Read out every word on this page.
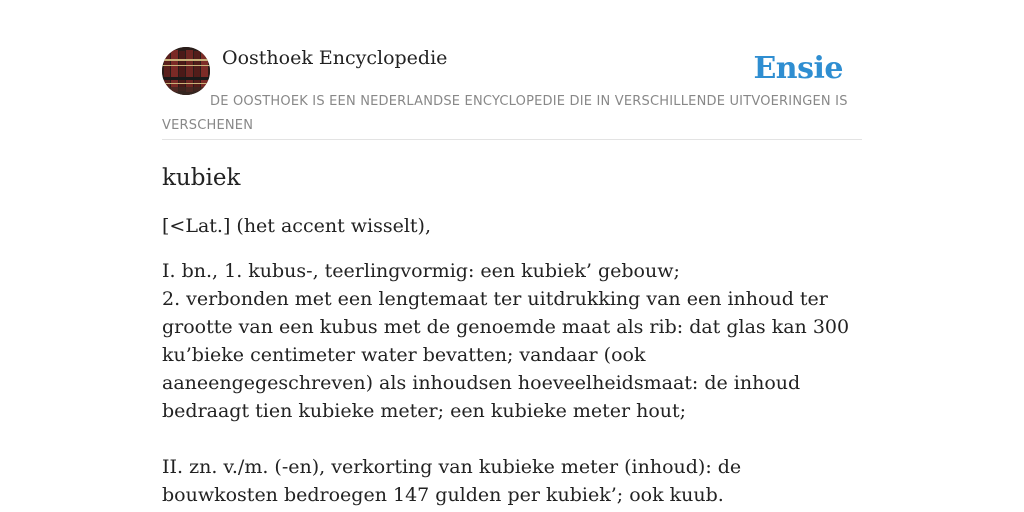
Oosthoek Encyclopedie	Ensie
DE OOSTHOEK IS EEN NEDERLANDSE ENCYCLOPEDIE DIE IN VERSCHILLENDE UITVOERINGEN IS VERSCHENEN
kubiek

[<Lat.] (het accent wisselt),

I. bn., 1. kubus-, teerlingvormig: een kubiek’ gebouw;
2. verbonden met een lengtemaat ter uitdrukking van een inhoud ter grootte van een kubus met de genoemde maat als rib: dat glas kan 300 ku’bieke centimeter water bevatten; vandaar (ook aaneengegeschreven) als inhoudsen hoeveelheidsmaat: de inhoud bedraagt tien kubieke meter; een kubieke meter hout;
II. zn. v./m. (-en), verkorting van kubieke meter (inhoud): de bouwkosten bedroegen 147 gulden per kubiek’; ook kuub.
